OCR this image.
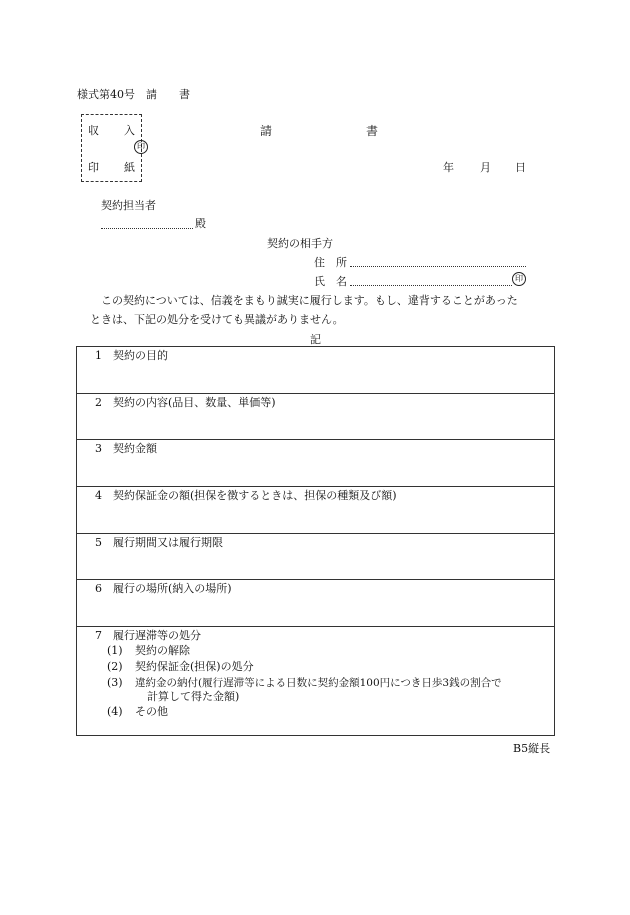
様式第40号　請　　書
収 入
印
印 紙
請	書
年 月 日
契約担当者
殿
契約の相手方
住　所
氏　名	印
この契約については、信義をまもり誠実に履行します。もし、違背することがあった
ときは、下記の処分を受けても異議がありません。
記
1 契約の目的
2 契約の内容(品目、数量、単価等)
3 契約金額
4 契約保証金の額(担保を徴するときは、担保の種類及び額)
5 履行期間又は履行期限
6 履行の場所(納入の場所)
7 履行遅滞等の処分
(1) 契約の解除
(2) 契約保証金(担保)の処分
(3) 違約金の納付(履行遅滞等による日数に契約金額100円につき日歩3銭の割合で
計算して得た金額)
(4) その他
B5縦長
